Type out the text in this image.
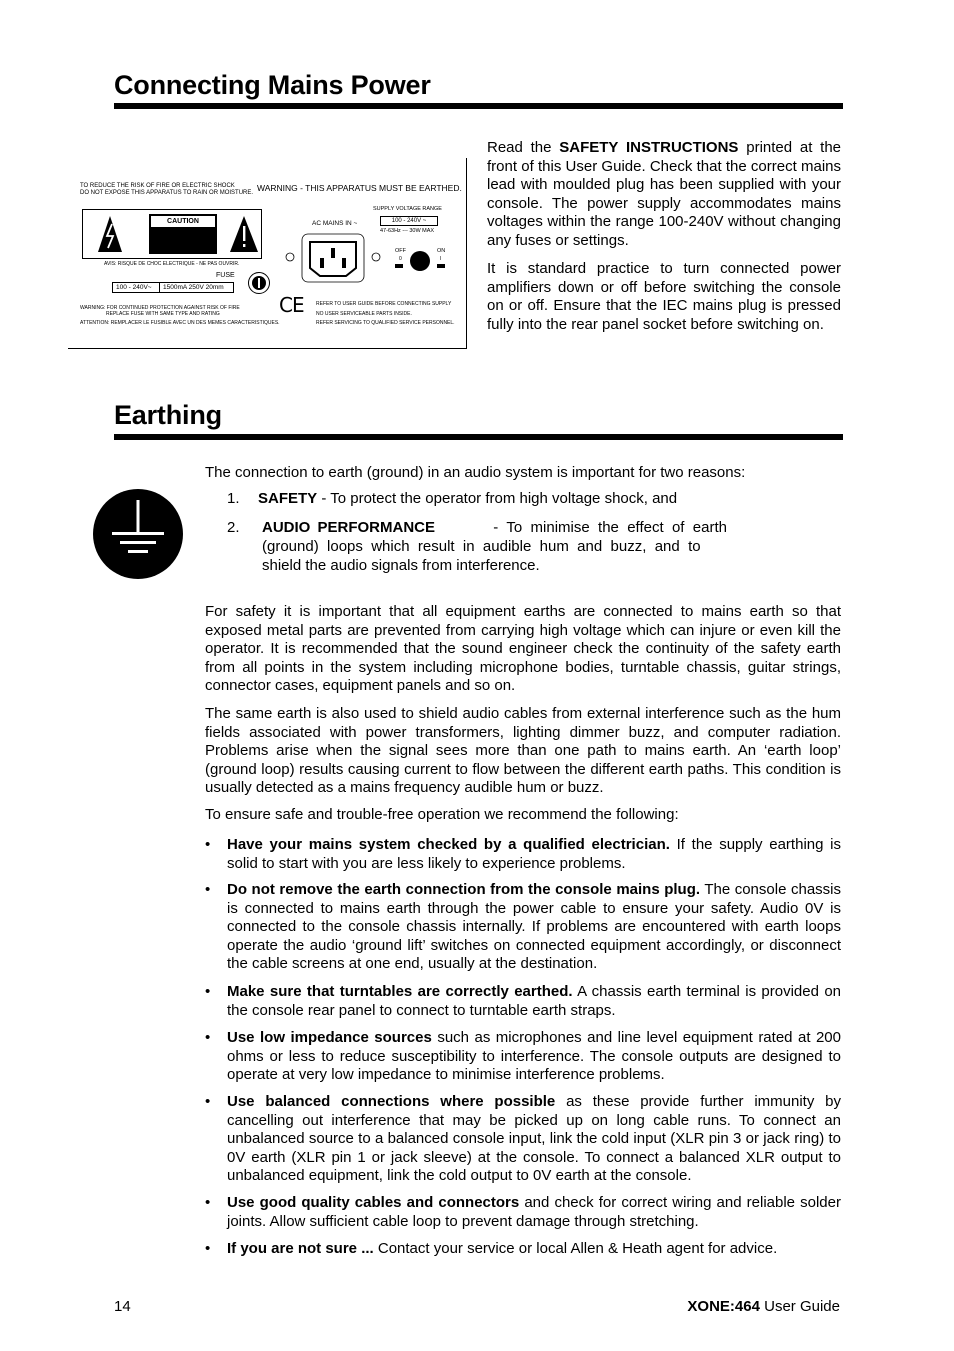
Connecting Mains Power
TO REDUCE THE RISK OF FIRE OR ELECTRIC SHOCK
DO NOT EXPOSE THIS APPARATUS TO RAIN OR MOISTURE. WARNING - THIS APPARATUS MUST BE EARTHED.
CAUTION
AVIS: RISQUE DE CHOC ELECTRIQUE - NE PAS OUVRIR.
FUSE
100 - 240V~ 1500mA 250V 20mm
WARNING: FOR CONTINUED PROTECTION AGAINST RISK OF FIRE
REPLACE FUSE WITH SAME TYPE AND RATING
ATTENTION: REMPLACER LE FUSIBLE AVEC UN DES MEMES CARACTERISTIQUES.
CE
SUPPLY VOLTAGE RANGE
100 - 240V ~
47-63Hz --- 30W MAX
AC MAINS IN ~
OFF	ON
0	I
REFER TO USER GUIDE BEFORE CONNECTING SUPPLY
NO USER SERVICEABLE PARTS INSIDE.
REFER SERVICING TO QUALIFIED SERVICE PERSONNEL.

Read the SAFETY INSTRUCTIONS printed at the front of this User Guide. Check that the correct mains lead with moulded plug has been supplied with your console. The power supply accommodates mains voltages within the range 100-240V without changing any fuses or settings.

It is standard practice to turn connected power amplifiers down or off before switching the console on or off. Ensure that the IEC mains plug is pressed fully into the rear panel socket before switching on.

Earthing

The connection to earth (ground) in an audio system is important for two reasons:

1. SAFETY - To protect the operator from high voltage shock, and
2. AUDIO PERFORMANCE	-  To  minimise  the  effect  of  earth
(ground)  loops  which  result  in  audible  hum  and  buzz,  and  to
shield the audio signals from interference.

For safety it is important that all equipment earths are connected to mains earth so that exposed metal parts are prevented from carrying high voltage which can injure or even kill the operator. It is recommended that the sound engineer check the continuity of the safety earth from all points in the system including microphone bodies, turntable chassis, guitar strings, connector cases, equipment panels and so on.

The same earth is also used to shield audio cables from external interference such as the hum fields associated with power transformers, lighting dimmer buzz, and computer radiation. Problems arise when the signal sees more than one path to mains earth. An ‘earth loop’ (ground loop) results causing current to flow between the different earth paths. This condition is usually detected as a mains frequency audible hum or buzz.

To ensure safe and trouble-free operation we recommend the following:

• Have your mains system checked by a qualified electrician. If the supply earthing is solid to start with you are less likely to experience problems.

• Do not remove the earth connection from the console mains plug. The console chassis is connected to mains earth through the power cable to ensure your safety. Audio 0V is connected to the console chassis internally. If problems are encountered with earth loops operate the audio ‘ground lift’ switches on connected equipment accordingly, or disconnect the cable screens at one end, usually at the destination.

• Make sure that turntables are correctly earthed. A chassis earth terminal is provided on the console rear panel to connect to turntable earth straps.

• Use low impedance sources such as microphones and line level equipment rated at 200 ohms or less to reduce susceptibility to interference. The console outputs are designed to operate at very low impedance to minimise interference problems.

• Use balanced connections where possible as these provide further immunity by cancelling out interference that may be picked up on long cable runs. To connect an unbalanced source to a balanced console input, link the cold input (XLR pin 3 or jack ring) to 0V earth (XLR pin 1 or jack sleeve) at the console. To connect a balanced XLR output to unbalanced equipment, link the cold output to 0V earth at the console.

• Use good quality cables and connectors and check for correct wiring and reliable solder joints. Allow sufficient cable loop to prevent damage through stretching.

• If you are not sure ... Contact your service or local Allen & Heath agent for advice.

14	XONE:464 User Guide
